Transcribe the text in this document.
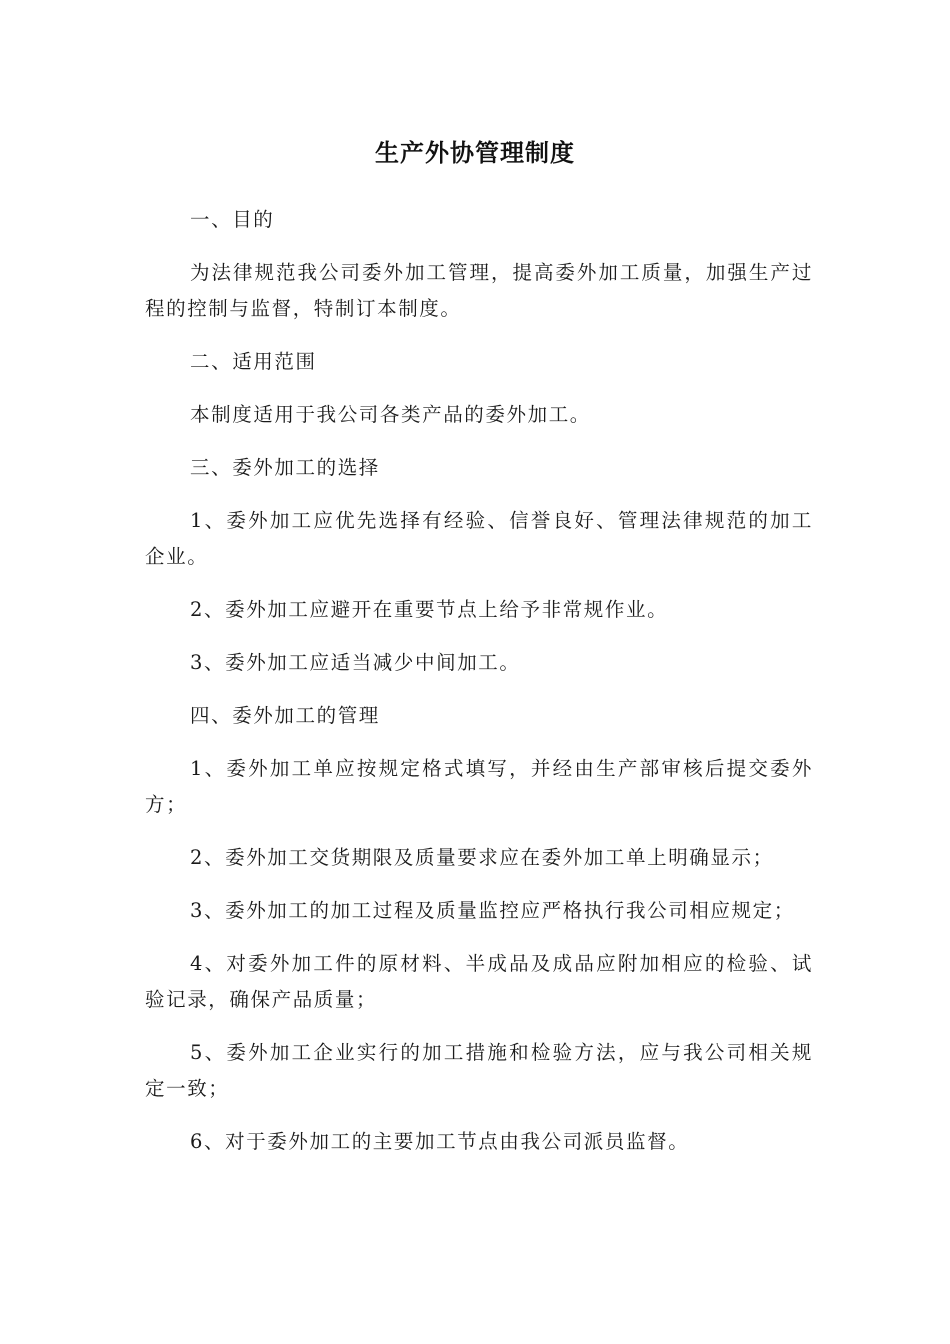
生产外协管理制度

一、目的

为法律规范我公司委外加工管理，提高委外加工质量，加强生产过程的控制与监督，特制订本制度。

二、适用范围

本制度适用于我公司各类产品的委外加工。

三、委外加工的选择

1、委外加工应优先选择有经验、信誉良好、管理法律规范的加工企业。

2、委外加工应避开在重要节点上给予非常规作业。

3、委外加工应适当减少中间加工。

四、委外加工的管理

1、委外加工单应按规定格式填写，并经由生产部审核后提交委外方；

2、委外加工交货期限及质量要求应在委外加工单上明确显示；

3、委外加工的加工过程及质量监控应严格执行我公司相应规定；

4、对委外加工件的原材料、半成品及成品应附加相应的检验、试验记录，确保产品质量；

5、委外加工企业实行的加工措施和检验方法，应与我公司相关规定一致；

6、对于委外加工的主要加工节点由我公司派员监督。
